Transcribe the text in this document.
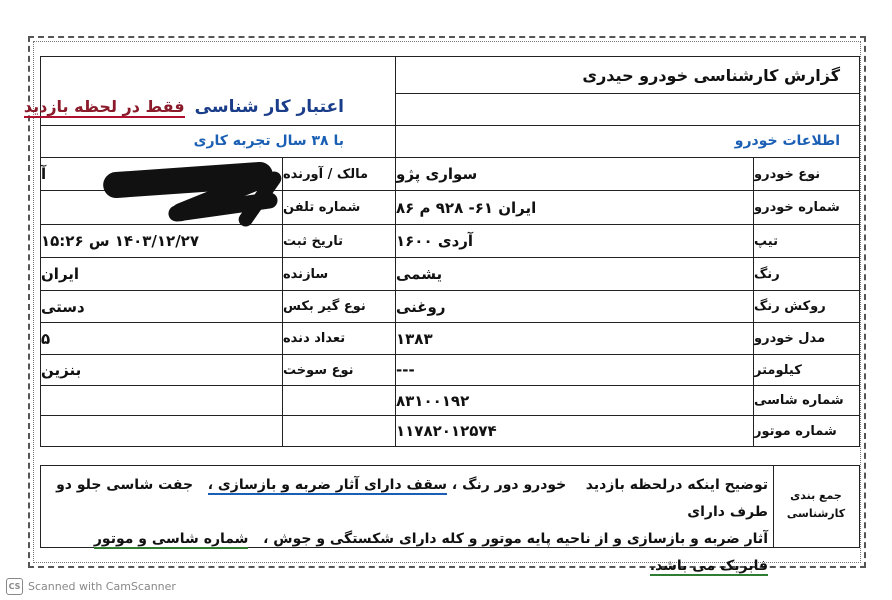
گزارش کارشناسی خودرو حیدری
اعتبار کار شناسی
فقط در لحظه بازدید
با ۳۸ سال تجربه کاری	اطلاعات خودرو
مالک / آورنده
آ
شماره تلفن
تاریخ ثبت
۱۴۰۳/۱۲/۲۷ س ۱۵:۲۶
سازنده
ایران
نوع گیر بکس
دستی
تعداد دنده
۵
نوع سوخت
بنزین
نوع خودرو
سواری پژو
شماره خودرو
ایران ۶۱- ۹۲۸ م ۸۶
تیپ
آردی ۱۶۰۰
رنگ
یشمی
روکش رنگ
روغنی
مدل خودرو
۱۳۸۳
کیلومتر
---
شماره شاسی
۸۳۱۰۰۱۹۲
شماره موتور
۱۱۷۸۲۰۱۲۵۷۴
جمع بندی کارشناسی
توضیح اینکه درلحظه بازدید    خودرو دور رنگ ، سقف دارای آثار ضربه و بازسازی ،   جفت شاسی جلو دو طرف دارای
آثار ضربه و بازسازی و از ناحیه پایه موتور و کله دارای شکستگی و جوش ،   شماره شاسی و موتور فابریک می باشد.
CS Scanned with CamScanner
